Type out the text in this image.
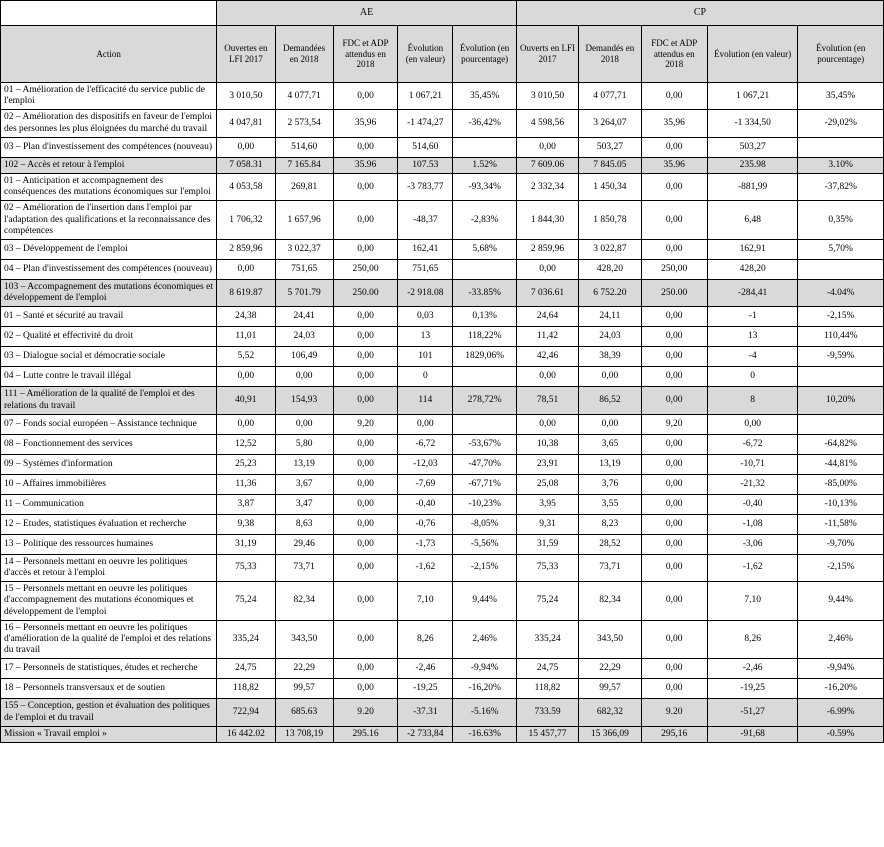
	AE					CP				
Action	Ouvertes en LFI 2017	Demandées en 2018	FDC et ADP attendus en 2018	Évolution (en valeur)	Évolution (en pourcentage)	Ouverts en LFI 2017	Demandés en 2018	FDC et ADP attendus en 2018	Évolution (en valeur)	Évolution (en pourcentage)
01 – Amélioration de l'efficacité du service public de l'emploi	3 010,50	4 077,71	0,00	1 067,21	35,45%	3 010,50	4 077,71	0,00	1 067,21	35,45%
02 – Amélioration des dispositifs en faveur de l'emploi des personnes les plus éloignées du marché du travail	4 047,81	2 573,54	35,96	-1 474,27	-36,42%	4 598,56	3 264,07	35,96	-1 334,50	-29,02%
03 – Plan d'investissement des compétences (nouveau)	0,00	514,60	0,00	514,60		0,00	503,27	0,00	503,27	
102 – Accès et retour à l'emploi	7 058.31	7 165.84	35.96	107.53	1.52%	7 609.06	7 845.05	35.96	235.98	3.10%
01 – Anticipation et accompagnement des conséquences des mutations économiques sur l'emploi	4 053,58	269,81	0,00	-3 783,77	-93,34%	2 332,34	1 450,34	0,00	-881,99	-37,82%
02 – Amélioration de l'insertion dans l'emploi par l'adaptation des qualifications et la reconnaissance des compétences	1 706,32	1 657,96	0,00	-48,37	-2,83%	1 844,30	1 850,78	0,00	6,48	0,35%
03 – Développement de l'emploi	2 859,96	3 022,37	0,00	162,41	5,68%	2 859,96	3 022,87	0,00	162,91	5,70%
04 – Plan d'investissement des compétences (nouveau)	0,00	751,65	250,00	751,65		0,00	428,20	250,00	428,20	
103 – Accompagnement des mutations économiques et développement de l'emploi	8 619.87	5 701.79	250.00	-2 918.08	-33.85%	7 036.61	6 752.20	250.00	-284,41	-4.04%
01 – Santé et sécurité au travail	24,38	24,41	0,00	0,03	0,13%	24,64	24,11	0,00	-1	-2,15%
02 – Qualité et effectivité du droit	11,01	24,03	0,00	13	118,22%	11,42	24,03	0,00	13	110,44%
03 – Dialogue social et démocratie sociale	5,52	106,49	0,00	101	1829,06%	42,46	38,39	0,00	-4	-9,59%
04 – Lutte contre le travail illégal	0,00	0,00	0,00	0		0,00	0,00	0,00	0	
111 – Amélioration de la qualité de l'emploi et des relations du travail	40,91	154,93	0,00	114	278,72%	78,51	86,52	0,00	8	10,20%
07 – Fonds social européen – Assistance technique	0,00	0,00	9,20	0,00		0,00	0,00	9,20	0,00	
08 – Fonctionnement des services	12,52	5,80	0,00	-6,72	-53,67%	10,38	3,65	0,00	-6,72	-64,82%
09 – Systèmes d'information	25,23	13,19	0,00	-12,03	-47,70%	23,91	13,19	0,00	-10,71	-44,81%
10 – Affaires immobilières	11,36	3,67	0,00	-7,69	-67,71%	25,08	3,76	0,00	-21,32	-85,00%
11 – Communication	3,87	3,47	0,00	-0,40	-10,23%	3,95	3,55	0,00	-0,40	-10,13%
12 – Etudes, statistiques évaluation et recherche	9,38	8,63	0,00	-0,76	-8,05%	9,31	8,23	0,00	-1,08	-11,58%
13 – Politique des ressources humaines	31,19	29,46	0,00	-1,73	-5,56%	31,59	28,52	0,00	-3,06	-9,70%
14 – Personnels mettant en oeuvre les politiques d'accès et retour à l'emploi	75,33	73,71	0,00	-1,62	-2,15%	75,33	73,71	0,00	-1,62	-2,15%
15 – Personnels mettant en oeuvre les politiques d'accompagnement des mutations économiques et développement de l'emploi	75,24	82,34	0,00	7,10	9,44%	75,24	82,34	0,00	7,10	9,44%
16 – Personnels mettant en oeuvre les politiques d'amélioration de la qualité de l'emploi et des relations du travail	335,24	343,50	0,00	8,26	2,46%	335,24	343,50	0,00	8,26	2,46%
17 – Personnels de statistiques, études et recherche	24,75	22,29	0,00	-2,46	-9,94%	24,75	22,29	0,00	-2,46	-9,94%
18 – Personnels transversaux et de soutien	118,82	99,57	0,00	-19,25	-16,20%	118,82	99,57	0,00	-19,25	-16,20%
155 – Conception, gestion et évaluation des politiques de l'emploi et du travail	722,94	685.63	9.20	-37.31	-5.16%	733.59	682,32	9.20	-51,27	-6.99%
Mission « Travail emploi »	16 442.02	13 708,19	295.16	-2 733,84	-16.63%	15 457,77	15 366,09	295,16	-91,68	-0.59%
